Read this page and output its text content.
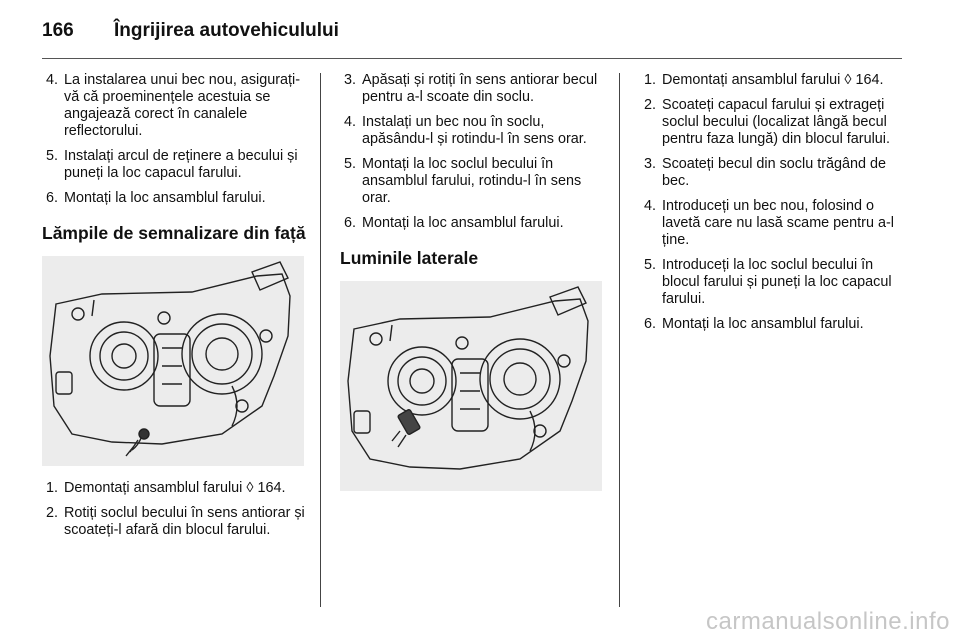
166 Îngrijirea autovehiculului
4. La instalarea unui bec nou, asigurați-vă că proeminențele acestuia se angajează corect în canalele reflectorului.
5. Instalați arcul de reținere a becului și puneți la loc capacul farului.
6. Montați la loc ansamblul farului.
Lămpile de semnalizare din față
1. Demontați ansamblul farului ◊ 164.
2. Rotiți soclul becului în sens antiorar și scoateți-l afară din blocul farului.
3. Apăsați și rotiți în sens antiorar becul pentru a-l scoate din soclu.
4. Instalați un bec nou în soclu, apăsându-l și rotindu-l în sens orar.
5. Montați la loc soclul becului în ansamblul farului, rotindu-l în sens orar.
6. Montați la loc ansamblul farului.
Luminile laterale
1. Demontați ansamblul farului ◊ 164.
2. Scoateți capacul farului și extrageți soclul becului (localizat lângă becul pentru faza lungă) din blocul farului.
3. Scoateți becul din soclu trăgând de bec.
4. Introduceți un bec nou, folosind o lavetă care nu lasă scame pentru a-l ține.
5. Introduceți la loc soclul becului în blocul farului și puneți la loc capacul farului.
6. Montați la loc ansamblul farului.
carmanualsonline.info
